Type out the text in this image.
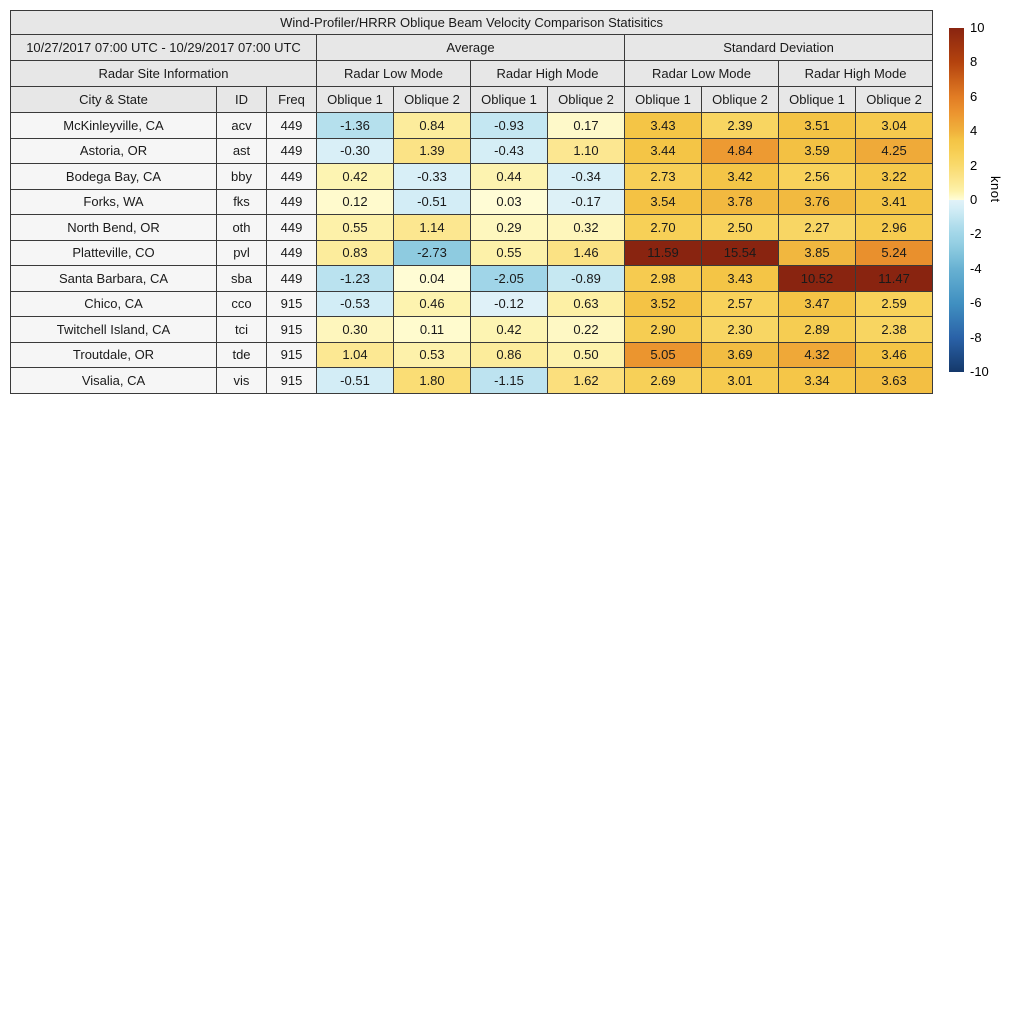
Wind-Profiler/HRRR Oblique Beam Velocity Comparison Statisitics										
10/27/2017 07:00 UTC - 10/29/2017 07:00 UTC			Average				Standard Deviation			
Radar Site Information			Radar Low Mode		Radar High Mode		Radar Low Mode		Radar High Mode	
City & State	ID	Freq	Oblique 1	Oblique 2	Oblique 1	Oblique 2	Oblique 1	Oblique 2	Oblique 1	Oblique 2
McKinleyville, CA	acv	449	-1.36	0.84	-0.93	0.17	3.43	2.39	3.51	3.04
Astoria, OR	ast	449	-0.30	1.39	-0.43	1.10	3.44	4.84	3.59	4.25
Bodega Bay, CA	bby	449	0.42	-0.33	0.44	-0.34	2.73	3.42	2.56	3.22
Forks, WA	fks	449	0.12	-0.51	0.03	-0.17	3.54	3.78	3.76	3.41
North Bend, OR	oth	449	0.55	1.14	0.29	0.32	2.70	2.50	2.27	2.96
Platteville, CO	pvl	449	0.83	-2.73	0.55	1.46	11.59	15.54	3.85	5.24
Santa Barbara, CA	sba	449	-1.23	0.04	-2.05	-0.89	2.98	3.43	10.52	11.47
Chico, CA	cco	915	-0.53	0.46	-0.12	0.63	3.52	2.57	3.47	2.59
Twitchell Island, CA	tci	915	0.30	0.11	0.42	0.22	2.90	2.30	2.89	2.38
Troutdale, OR	tde	915	1.04	0.53	0.86	0.50	5.05	3.69	4.32	3.46
Visalia, CA	vis	915	-0.51	1.80	-1.15	1.62	2.69	3.01	3.34	3.63
10
8
6
4
2
0
-2
-4
-6
-8
-10
knot
